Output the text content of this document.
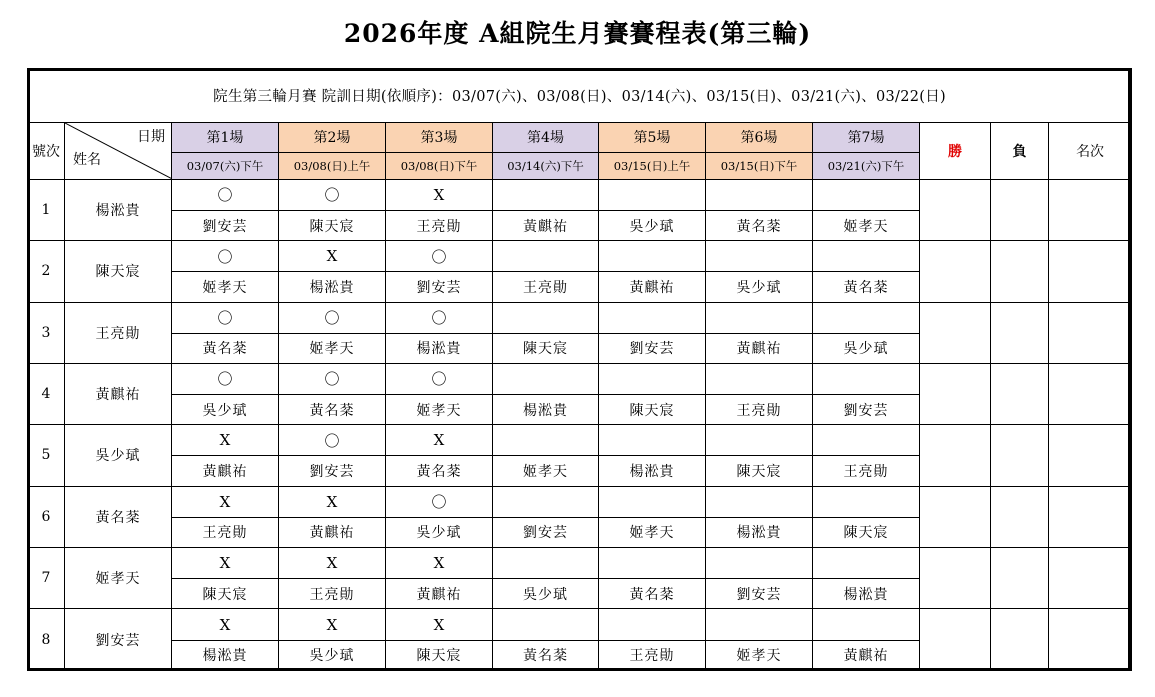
2026年度 A組院生月賽賽程表(第三輪)
院生第三輪月賽 院訓日期(依順序)：03/07(六)、03/08(日)、03/14(六)、03/15(日)、03/21(六)、03/22(日)											
號次	日期
姓名	第1場	第2場	第3場	第4場	第5場	第6場	第7場	勝	負	名次
		03/07(六)下午	03/08(日)上午	03/08(日)下午	03/14(六)下午	03/15(日)上午	03/15(日)下午	03/21(六)下午			
1	楊淞貴	〇	〇	X							
		劉安芸	陳天宸	王亮勛	黃麒祐	吳少珷	黃名棻	姬孝天			
2	陳天宸	〇	X	〇							
		姬孝天	楊淞貴	劉安芸	王亮勛	黃麒祐	吳少珷	黃名棻			
3	王亮勛	〇	〇	〇							
		黃名棻	姬孝天	楊淞貴	陳天宸	劉安芸	黃麒祐	吳少珷			
4	黃麒祐	〇	〇	〇							
		吳少珷	黃名棻	姬孝天	楊淞貴	陳天宸	王亮勛	劉安芸			
5	吳少珷	X	〇	X							
		黃麒祐	劉安芸	黃名棻	姬孝天	楊淞貴	陳天宸	王亮勛			
6	黃名棻	X	X	〇							
		王亮勛	黃麒祐	吳少珷	劉安芸	姬孝天	楊淞貴	陳天宸			
7	姬孝天	X	X	X							
		陳天宸	王亮勛	黃麒祐	吳少珷	黃名棻	劉安芸	楊淞貴			
8	劉安芸	X	X	X							
		楊淞貴	吳少珷	陳天宸	黃名棻	王亮勛	姬孝天	黃麒祐			
